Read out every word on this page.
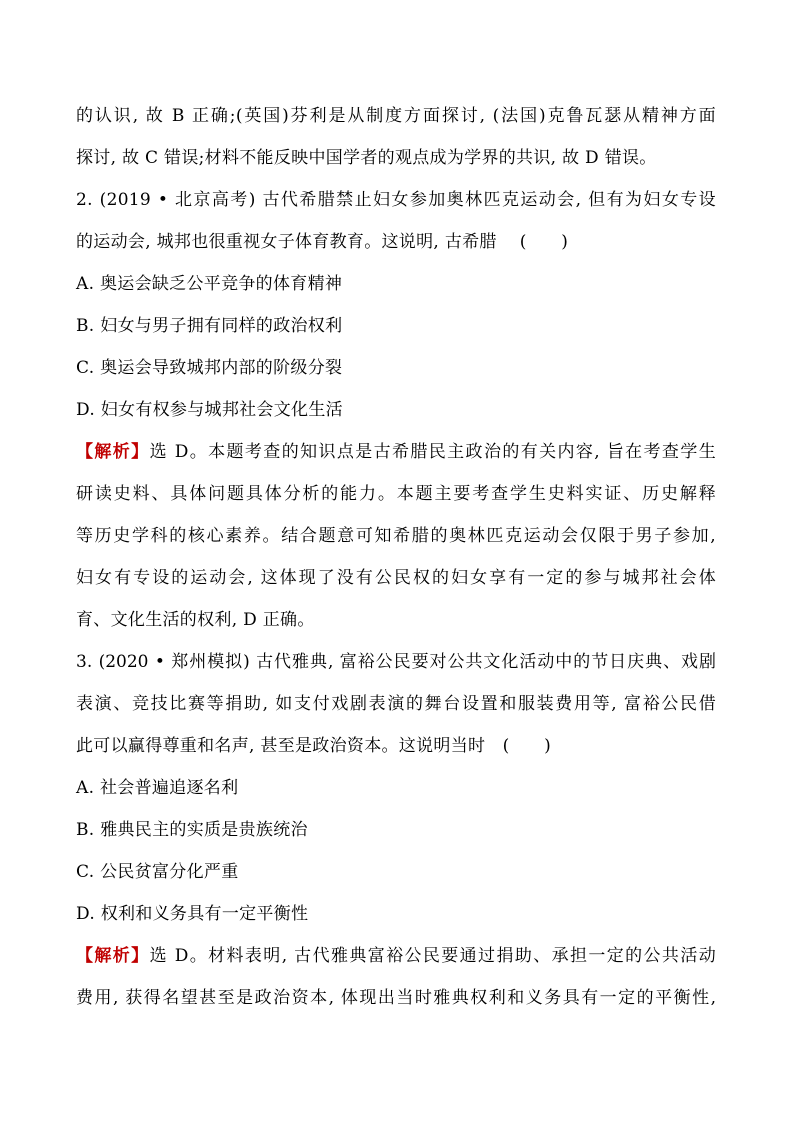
的认识, 故 B 正确;(英国)芬利是从制度方面探讨, (法国)克鲁瓦瑟从精神方面
探讨, 故 C 错误;材料不能反映中国学者的观点成为学界的共识, 故 D 错误。
2. (2019 • 北京高考) 古代希腊禁止妇女参加奥林匹克运动会, 但有为妇女专设
的运动会, 城邦也很重视女子体育教育。这说明, 古希腊　 (　　)
A. 奥运会缺乏公平竞争的体育精神
B. 妇女与男子拥有同样的政治权利
C. 奥运会导致城邦内部的阶级分裂
D. 妇女有权参与城邦社会文化生活
【解析】选 D。本题考查的知识点是古希腊民主政治的有关内容, 旨在考查学生
研读史料、具体问题具体分析的能力。本题主要考查学生史料实证、历史解释
等历史学科的核心素养。结合题意可知希腊的奥林匹克运动会仅限于男子参加,
妇女有专设的运动会, 这体现了没有公民权的妇女享有一定的参与城邦社会体
育、文化生活的权利, D 正确。
3. (2020 • 郑州模拟) 古代雅典, 富裕公民要对公共文化活动中的节日庆典、戏剧
表演、竞技比赛等捐助, 如支付戏剧表演的舞台设置和服装费用等, 富裕公民借
此可以赢得尊重和名声, 甚至是政治资本。这说明当时　(　　)
A. 社会普遍追逐名利
B. 雅典民主的实质是贵族统治
C. 公民贫富分化严重
D. 权利和义务具有一定平衡性
【解析】选 D。材料表明, 古代雅典富裕公民要通过捐助、承担一定的公共活动
费用, 获得名望甚至是政治资本, 体现出当时雅典权利和义务具有一定的平衡性,
